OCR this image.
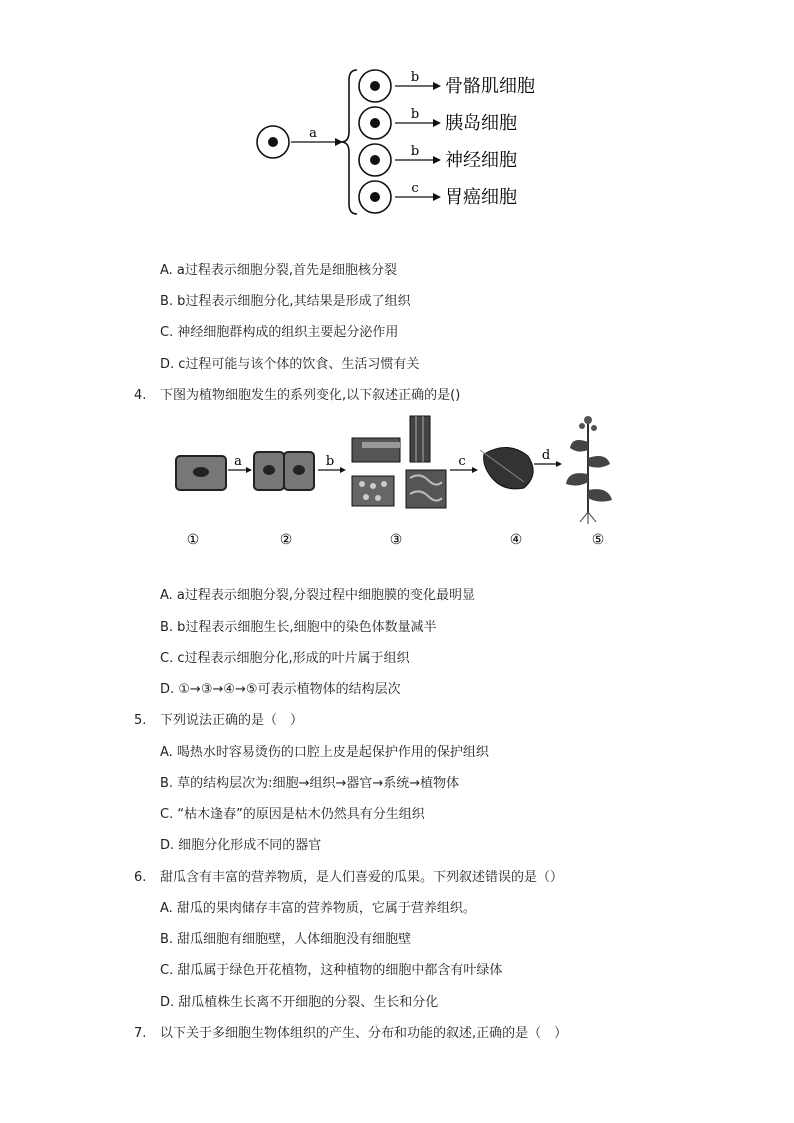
a
b 骨骼肌细胞
b 胰岛细胞
b 神经细胞
c 胃癌细胞
A. a过程表示细胞分裂,首先是细胞核分裂
B. b过程表示细胞分化,其结果是形成了组织
C. 神经细胞群构成的组织主要起分泌作用
D. c过程可能与该个体的饮食、生活习惯有关
4. 下图为植物细胞发生的系列变化,以下叙述正确的是()
a	b	c	d
①	②	③	④	⑤
A. a过程表示细胞分裂,分裂过程中细胞膜的变化最明显
B. b过程表示细胞生长,细胞中的染色体数量减半
C. c过程表示细胞分化,形成的叶片属于组织
D. ①→③→④→⑤可表示植物体的结构层次
5. 下列说法正确的是（　）
A. 喝热水时容易烫伤的口腔上皮是起保护作用的保护组织
B. 草的结构层次为:细胞→组织→器官→系统→植物体
C. “枯木逢春”的原因是枯木仍然具有分生组织
D. 细胞分化形成不同的器官
6. 甜瓜含有丰富的营养物质，是人们喜爱的瓜果。下列叙述错误的是（）
A. 甜瓜的果肉储存丰富的营养物质，它属于营养组织。
B. 甜瓜细胞有细胞壁，人体细胞没有细胞壁
C. 甜瓜属于绿色开花植物，这种植物的细胞中都含有叶绿体
D. 甜瓜植株生长离不开细胞的分裂、生长和分化
7. 以下关于多细胞生物体组织的产生、分布和功能的叙述,正确的是（　）
